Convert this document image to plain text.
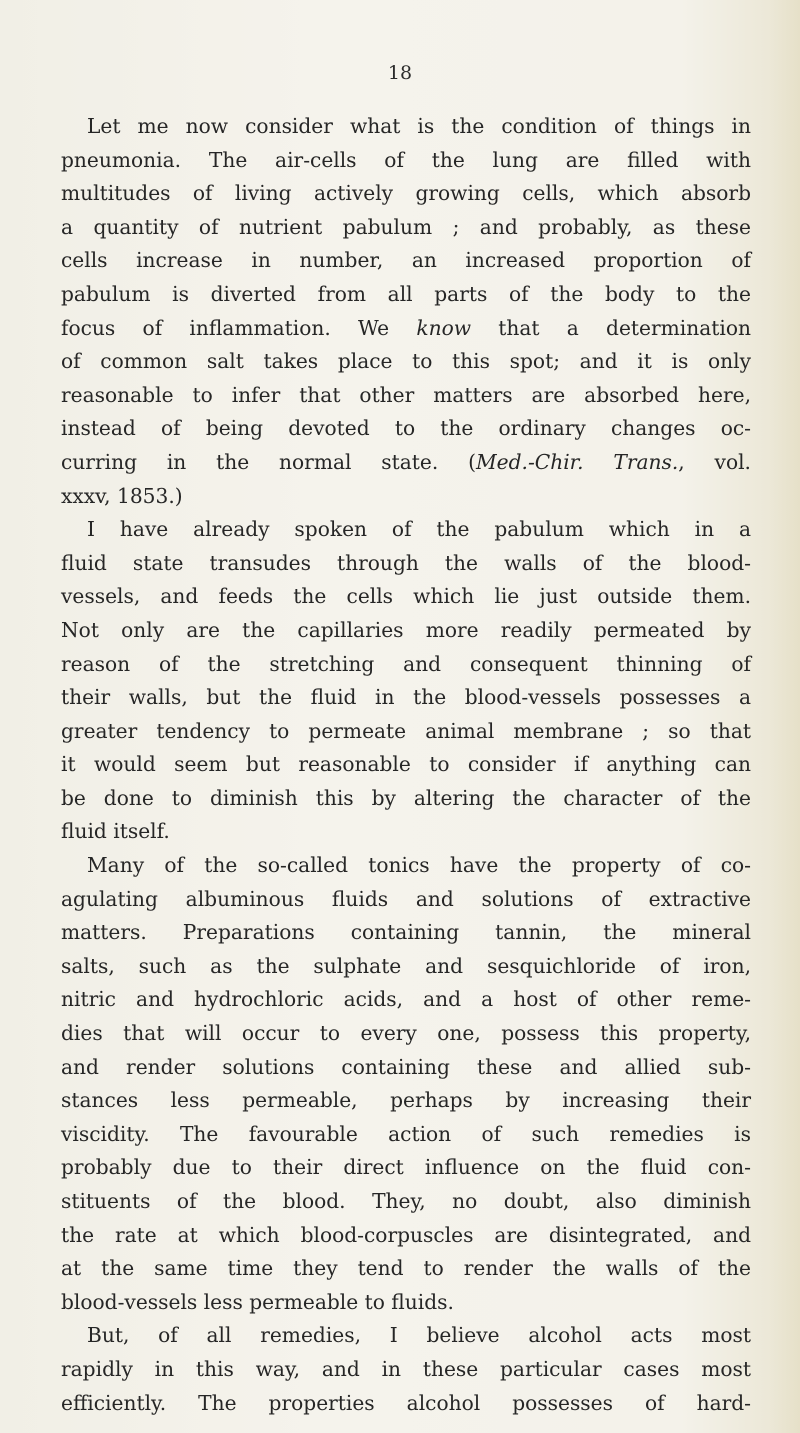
18
Let me now consider what is the condition of things in
pneumonia. The air-cells of the lung are filled with
multitudes of living actively growing cells, which absorb
a quantity of nutrient pabulum ; and probably, as these
cells increase in number, an increased proportion of
pabulum is diverted from all parts of the body to the
focus of inflammation. We know that a determination
of common salt takes place to this spot; and it is only
reasonable to infer that other matters are absorbed here,
instead of being devoted to the ordinary changes oc-
curring in the normal state. (Med.-Chir. Trans., vol.
xxxv, 1853.)
I have already spoken of the pabulum which in a
fluid state transudes through the walls of the blood-
vessels, and feeds the cells which lie just outside them.
Not only are the capillaries more readily permeated by
reason of the stretching and consequent thinning of
their walls, but the fluid in the blood-vessels possesses a
greater tendency to permeate animal membrane ; so that
it would seem but reasonable to consider if anything can
be done to diminish this by altering the character of the
fluid itself.
Many of the so-called tonics have the property of co-
agulating albuminous fluids and solutions of extractive
matters. Preparations containing tannin, the mineral
salts, such as the sulphate and sesquichloride of iron,
nitric and hydrochloric acids, and a host of other reme-
dies that will occur to every one, possess this property,
and render solutions containing these and allied sub-
stances less permeable, perhaps by increasing their
viscidity. The favourable action of such remedies is
probably due to their direct influence on the fluid con-
stituents of the blood. They, no doubt, also diminish
the rate at which blood-corpuscles are disintegrated, and
at the same time they tend to render the walls of the
blood-vessels less permeable to fluids.
But, of all remedies, I believe alcohol acts most
rapidly in this way, and in these particular cases most
efficiently. The properties alcohol possesses of hard-
